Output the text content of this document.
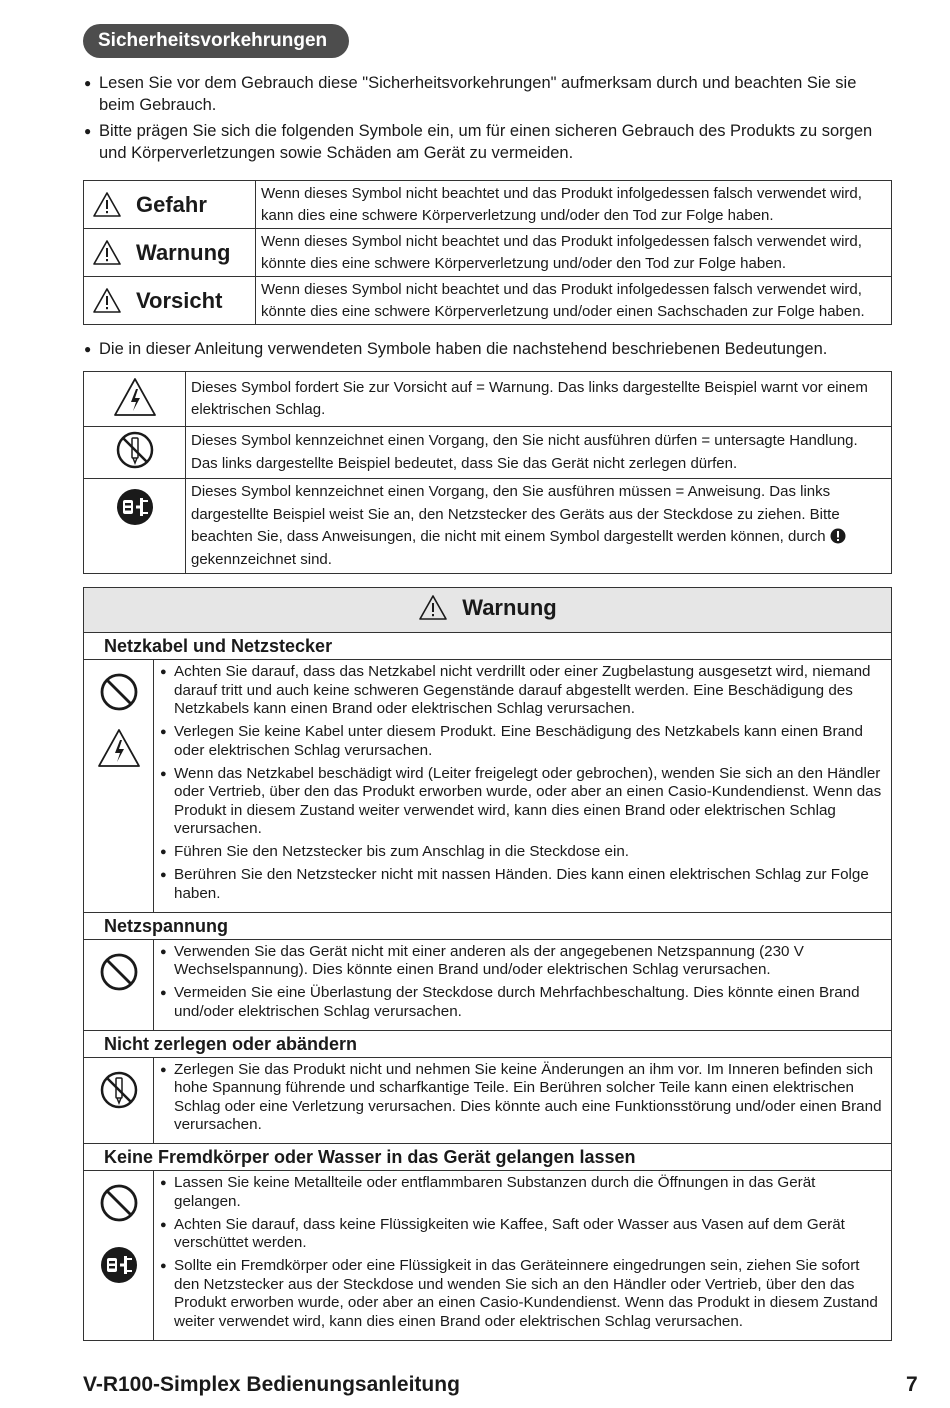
Sicherheitsvorkehrungen
● Lesen Sie vor dem Gebrauch diese "Sicherheitsvorkehrungen" aufmerksam durch und beachten Sie sie beim Gebrauch.
● Bitte prägen Sie sich die folgenden Symbole ein, um für einen sicheren Gebrauch des Produkts zu sorgen und Körperverletzungen sowie Schäden am Gerät zu vermeiden.
Gefahr	Wenn dieses Symbol nicht beachtet und das Produkt infolgedessen falsch verwendet wird, kann dies eine schwere Körperverletzung und/oder den Tod zur Folge haben.

Warnung	Wenn dieses Symbol nicht beachtet und das Produkt infolgedessen falsch verwendet wird, könnte dies eine schwere Körperverletzung und/oder den Tod zur Folge haben.

Vorsicht	Wenn dieses Symbol nicht beachtet und das Produkt infolgedessen falsch verwendet wird, könnte dies eine schwere Körperverletzung und/oder einen Sachschaden zur Folge haben.
● Die in dieser Anleitung verwendeten Symbole haben die nachstehend beschriebenen Bedeutungen.
	Dieses Symbol fordert Sie zur Vorsicht auf = Warnung. Das links dargestellte Beispiel warnt vor einem elektrischen Schlag.
	Dieses Symbol kennzeichnet einen Vorgang, den Sie nicht ausführen dürfen = untersagte Handlung. Das links dargestellte Beispiel bedeutet, dass Sie das Gerät nicht zerlegen dürfen.
	Dieses Symbol kennzeichnet einen Vorgang, den Sie ausführen müssen = Anweisung. Das links dargestellte Beispiel weist Sie an, den Netzstecker des Geräts aus der Steckdose zu ziehen. Bitte beachten Sie, dass Anweisungen, die nicht mit einem Symbol dargestellt werden können, durch  gekennzeichnet sind.
Warnung	

Netzkabel und Netzstecker	

● Achten Sie darauf, dass das Netzkabel nicht verdrillt oder einer Zugbelastung ausgesetzt wird, niemand darauf tritt und auch keine schweren Gegenstände darauf abgestellt werden. Eine Beschädigung des Netzkabels kann einen Brand oder elektrischen Schlag verursachen.
● Verlegen Sie keine Kabel unter diesem Produkt. Eine Beschädigung des Netzkabels kann einen Brand oder elektrischen Schlag verursachen.
● Wenn das Netzkabel beschädigt wird (Leiter freigelegt oder gebrochen), wenden Sie sich an den Händler oder Vertrieb, über den das Produkt erworben wurde, oder aber an einen Casio-Kundendienst. Wenn das Produkt in diesem Zustand weiter verwendet wird, kann dies einen Brand oder elektrischen Schlag verursachen.
● Führen Sie den Netzstecker bis zum Anschlag in die Steckdose ein.
● Berühren Sie den Netzstecker nicht mit nassen Händen. Dies kann einen elektrischen Schlag zur Folge haben.

Netzspannung	

● Verwenden Sie das Gerät nicht mit einer anderen als der angegebenen Netzspannung (230 V Wechselspannung). Dies könnte einen Brand und/oder elektrischen Schlag verursachen.
● Vermeiden Sie eine Überlastung der Steckdose durch Mehrfachbeschaltung. Dies könnte einen Brand und/oder elektrischen Schlag verursachen.

Nicht zerlegen oder abändern	

● Zerlegen Sie das Produkt nicht und nehmen Sie keine Änderungen an ihm vor. Im Inneren befinden sich hohe Spannung führende und scharfkantige Teile. Ein Berühren solcher Teile kann einen elektrischen Schlag oder eine Verletzung verursachen. Dies könnte auch eine Funktionsstörung und/oder einen Brand verursachen.

Keine Fremdkörper oder Wasser in das Gerät gelangen lassen	

● Lassen Sie keine Metallteile oder entflammbaren Substanzen durch die Öffnungen in das Gerät gelangen.
● Achten Sie darauf, dass keine Flüssigkeiten wie Kaffee, Saft oder Wasser aus Vasen auf dem Gerät verschüttet werden.
● Sollte ein Fremdkörper oder eine Flüssigkeit in das Geräteinnere eingedrungen sein, ziehen Sie sofort den Netzstecker aus der Steckdose und wenden Sie sich an den Händler oder Vertrieb, über den das Produkt erworben wurde, oder aber an einen Casio-Kundendienst. Wenn das Produkt in diesem Zustand weiter verwendet wird, kann dies einen Brand oder elektrischen Schlag verursachen.
V-R100-Simplex Bedienungsanleitung	7
